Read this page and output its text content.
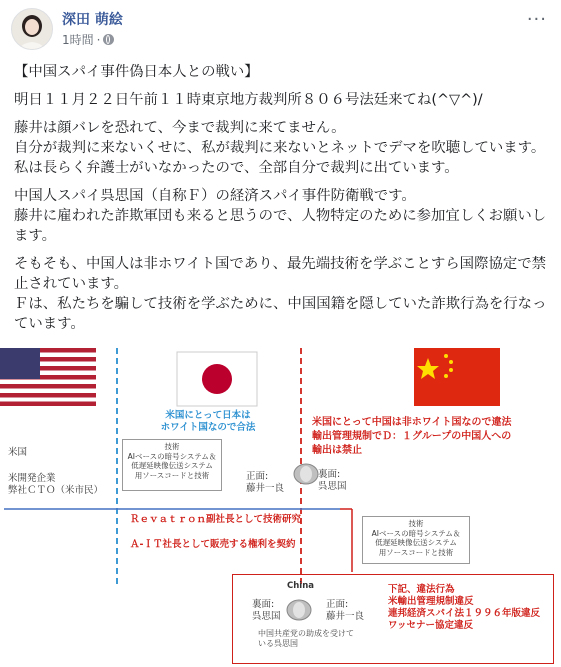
深田 萌絵
1時間 ·
···

【中国スパイ事件偽日本人との戦い】

明日１１月２２日午前１１時東京地方裁判所８０６号法廷来てね(^▽^)/

藤井は顔バレを恐れて、今まで裁判に来てません。
自分が裁判に来ないくせに、私が裁判に来ないとネットでデマを吹聴しています。私は長らく弁護士がいなかったので、全部自分で裁判に出ています。

中国人スパイ呉思国（自称Ｆ）の経済スパイ事件防衛戦です。
藤井に雇われた詐欺軍団も来ると思うので、人物特定のために参加宜しくお願いします。

そもそも、中国人は非ホワイト国であり、最先端技術を学ぶことすら国際協定で禁止されています。
Ｆは、私たちを騙して技術を学ぶために、中国国籍を隠していた詐欺行為を行なっています。

米国にとって日本は
ホワイト国なので合法	米国にとって中国は非ホワイト国なので違法
輸出管理規制でＤ：１グループの中国人への
輸出は禁止
米国
米開発企業
弊社ＣＴＯ（米市民）
技術
AIベースの暗号システム＆
低遅延映像伝送システム
用ソースコードと技術	正面:
藤井一良
裏面:
呉思国
Ｒｅｖａｔｒｏｎ副社長として技術研究
Ａ‐ＩＴ社長として販売する権利を契約
技術
AIベースの暗号システム＆
低遅延映像伝送システム
用ソースコードと技術
China
裏面:
呉思国
正面:
藤井一良
中国共産党の助成を受けて
いる呉思国
下記、違法行為
米輸出管理規制違反
連邦経済スパイ法１９９６年版違反
ワッセナー協定違反
